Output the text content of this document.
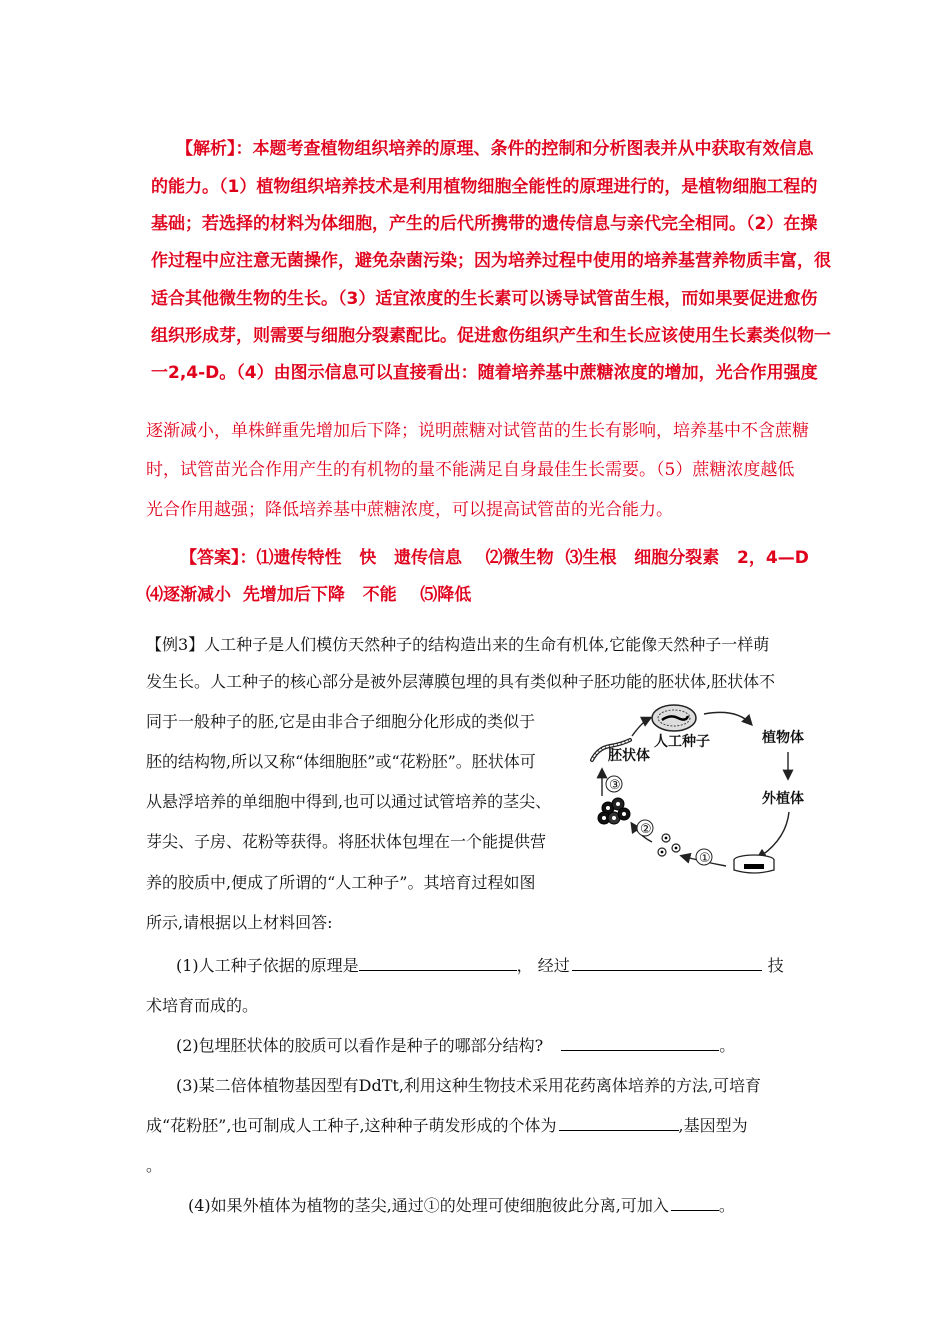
【解析】：本题考查植物组织培养的原理、条件的控制和分析图表并从中获取有效信息
的能力。（1）植物组织培养技术是利用植物细胞全能性的原理进行的，是植物细胞工程的
基础；若选择的材料为体细胞，产生的后代所携带的遗传信息与亲代完全相同。（2）在操
作过程中应注意无菌操作，避免杂菌污染；因为培养过程中使用的培养基营养物质丰富，很
适合其他微生物的生长。（3）适宜浓度的生长素可以诱导试管苗生根，而如果要促进愈伤
组织形成芽，则需要与细胞分裂素配比。促进愈伤组织产生和生长应该使用生长素类似物一
一2,4-D。（4）由图示信息可以直接看出：随着培养基中蔗糖浓度的增加，光合作用强度
逐渐减小，单株鲜重先增加后下降；说明蔗糖对试管苗的生长有影响，培养基中不含蔗糖
时，试管苗光合作用产生的有机物的量不能满足自身最佳生长需要。（5）蔗糖浓度越低
光合作用越强；降低培养基中蔗糖浓度，可以提高试管苗的光合能力。
【答案】：⑴遗传特性   快   遗传信息    ⑵微生物  ⑶生根   细胞分裂素   2，4—D
⑷逐渐减小  先增加后下降   不能    ⑸降低
【例3】人工种子是人们模仿天然种子的结构造出来的生命有机体,它能像天然种子一样萌
发生长。人工种子的核心部分是被外层薄膜包埋的具有类似种子胚功能的胚状体,胚状体不
同于一般种子的胚,它是由非合子细胞分化形成的类似于
胚的结构物,所以又称“体细胞胚”或“花粉胚”。胚状体可
从悬浮培养的单细胞中得到,也可以通过试管培养的茎尖、
芽尖、子房、花粉等获得。将胚状体包埋在一个能提供营
养的胶质中,便成了所谓的“人工种子”。其培育过程如图
所示,请根据以上材料回答:
(1)人工种子依据的原理是	， 经过	技
术培育而成的。
(2)包埋胚状体的胶质可以看作是种子的哪部分结构?	。
(3)某二倍体植物基因型有DdTt,利用这种生物技术采用花药离体培养的方法,可培育
成“花粉胚”,也可制成人工种子,这种种子萌发形成的个体为	,基因型为
。
(4)如果外植体为植物的茎尖,通过①的处理可使细胞彼此分离,可加入	。
人工种子	植物体
外植体
①
②
③
胚状体
